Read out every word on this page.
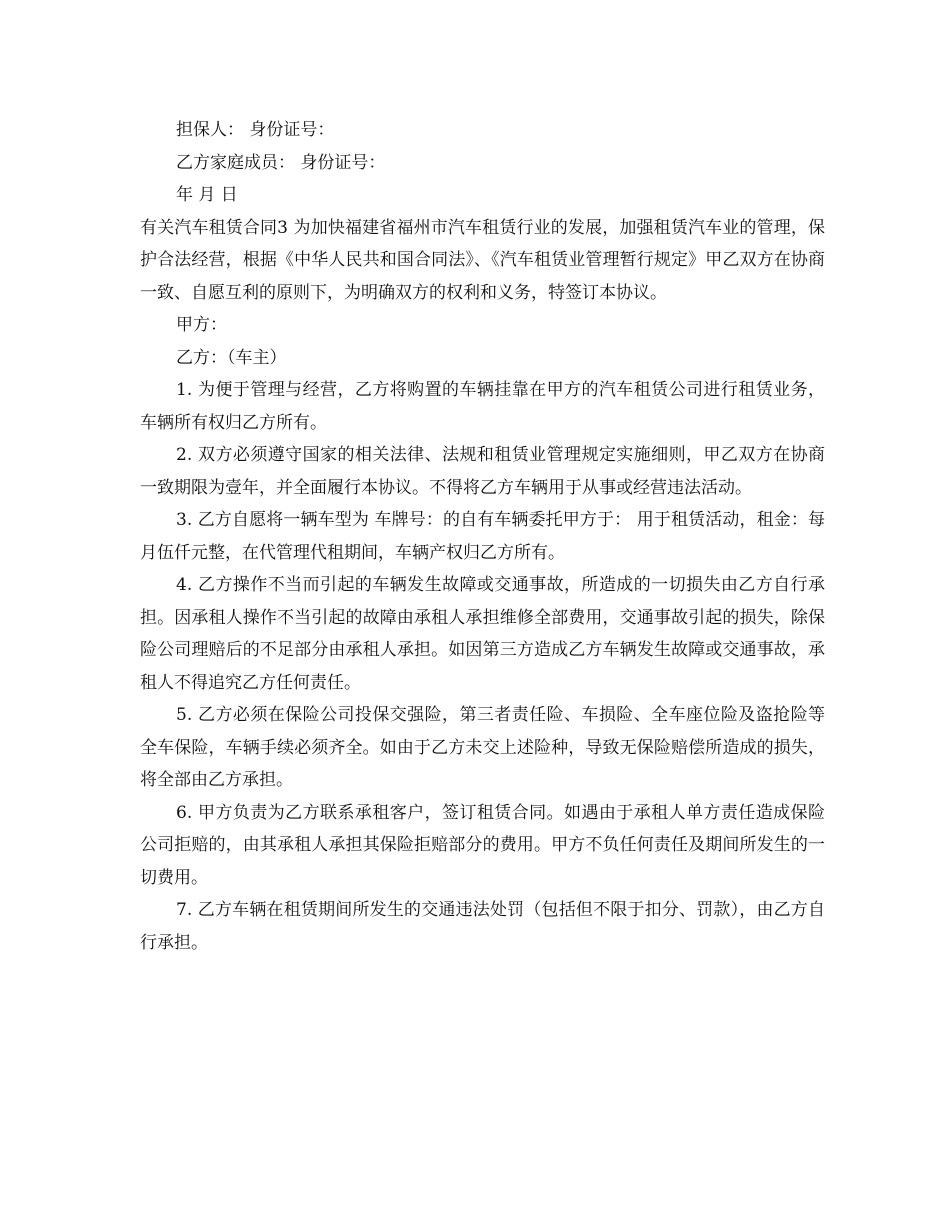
担保人： 身份证号：

乙方家庭成员： 身份证号：

年 月 日

有关汽车租赁合同3 为加快福建省福州市汽车租赁行业的发展，加强租赁汽车业的管理，保护合法经营，根据《中华人民共和国合同法》、《汽车租赁业管理暂行规定》甲乙双方在协商一致、自愿互利的原则下，为明确双方的权利和义务，特签订本协议。

甲方：

乙方：（车主）

1. 为便于管理与经营，乙方将购置的车辆挂靠在甲方的汽车租赁公司进行租赁业务，车辆所有权归乙方所有。

2. 双方必须遵守国家的相关法律、法规和租赁业管理规定实施细则，甲乙双方在协商一致期限为壹年，并全面履行本协议。不得将乙方车辆用于从事或经营违法活动。

3. 乙方自愿将一辆车型为 车牌号：的自有车辆委托甲方于： 用于租赁活动，租金：每月伍仟元整，在代管理代租期间，车辆产权归乙方所有。

4. 乙方操作不当而引起的车辆发生故障或交通事故，所造成的一切损失由乙方自行承担。因承租人操作不当引起的故障由承租人承担维修全部费用，交通事故引起的损失，除保险公司理赔后的不足部分由承租人承担。如因第三方造成乙方车辆发生故障或交通事故，承租人不得追究乙方任何责任。

5. 乙方必须在保险公司投保交强险，第三者责任险、车损险、全车座位险及盗抢险等全车保险，车辆手续必须齐全。如由于乙方未交上述险种，导致无保险赔偿所造成的损失，将全部由乙方承担。

6. 甲方负责为乙方联系承租客户，签订租赁合同。如遇由于承租人单方责任造成保险公司拒赔的，由其承租人承担其保险拒赔部分的费用。甲方不负任何责任及期间所发生的一切费用。

7. 乙方车辆在租赁期间所发生的交通违法处罚（包括但不限于扣分、罚款），由乙方自行承担。
